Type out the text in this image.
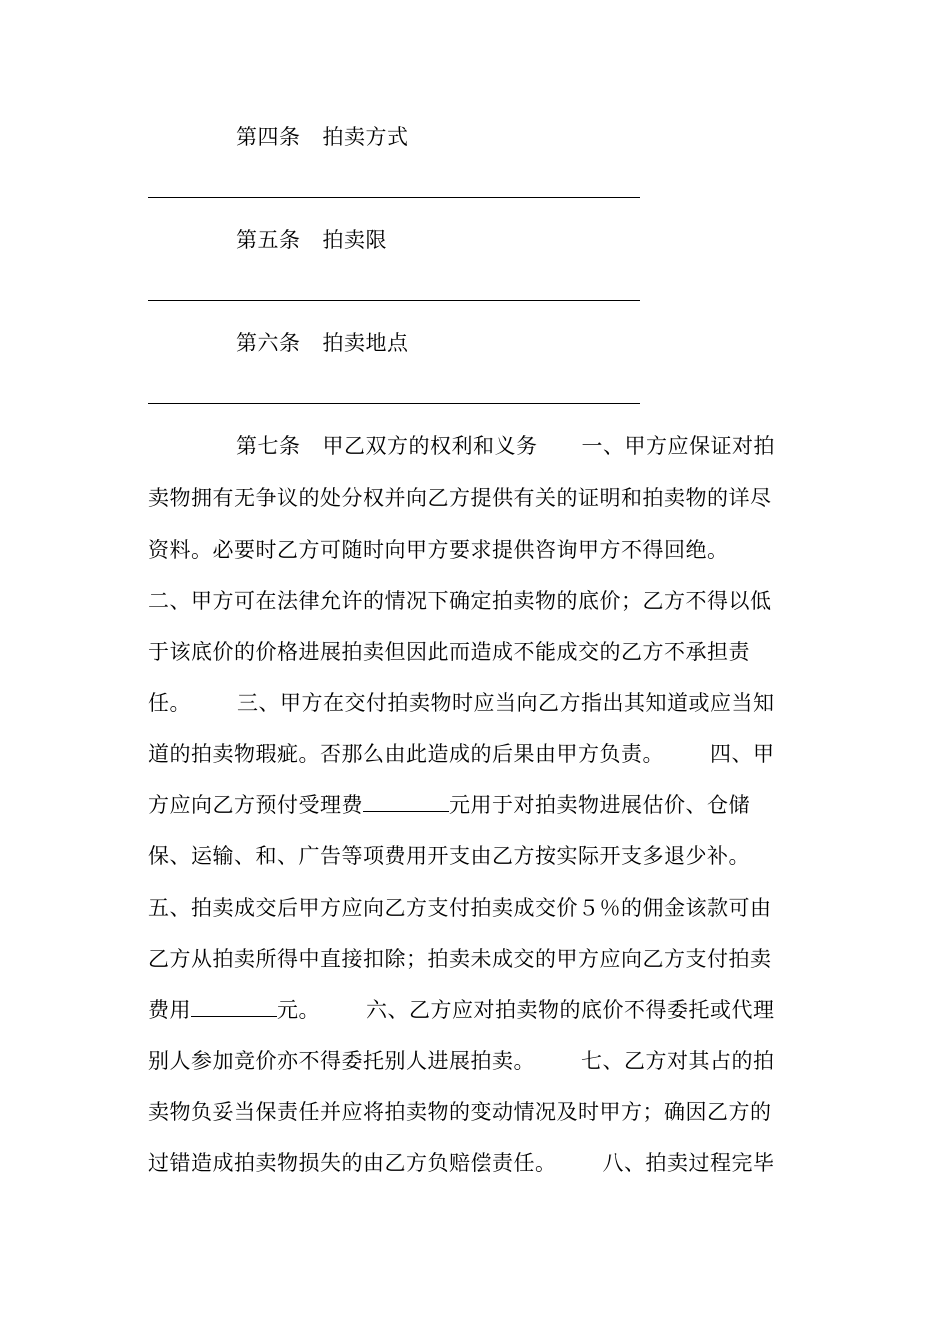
第四条 拍卖方式
第五条 拍卖限
第六条 拍卖地点
第七条 甲乙双方的权利和义务 一、甲方应保证对拍
卖物拥有无争议的处分权并向乙方提供有关的证明和拍卖物的详尽
资料。必要时乙方可随时向甲方要求提供咨询甲方不得回绝。
二、甲方可在法律允许的情况下确定拍卖物的底价；乙方不得以低
于该底价的价格进展拍卖但因此而造成不能成交的乙方不承担责
任。 三、甲方在交付拍卖物时应当向乙方指出其知道或应当知
道的拍卖物瑕疵。否那么由此造成的后果由甲方负责。 四、甲
方应向乙方预付受理费	元用于对拍卖物进展估价、仓储
保、运输、和、广告等项费用开支由乙方按实际开支多退少补。
五、拍卖成交后甲方应向乙方支付拍卖成交价５％的佣金该款可由
乙方从拍卖所得中直接扣除；拍卖未成交的甲方应向乙方支付拍卖
费用	元。 六、乙方应对拍卖物的底价不得委托或代理
别人参加竞价亦不得委托别人进展拍卖。 七、乙方对其占的拍
卖物负妥当保责任并应将拍卖物的变动情况及时甲方；确因乙方的
过错造成拍卖物损失的由乙方负赔偿责任。 八、拍卖过程完毕
